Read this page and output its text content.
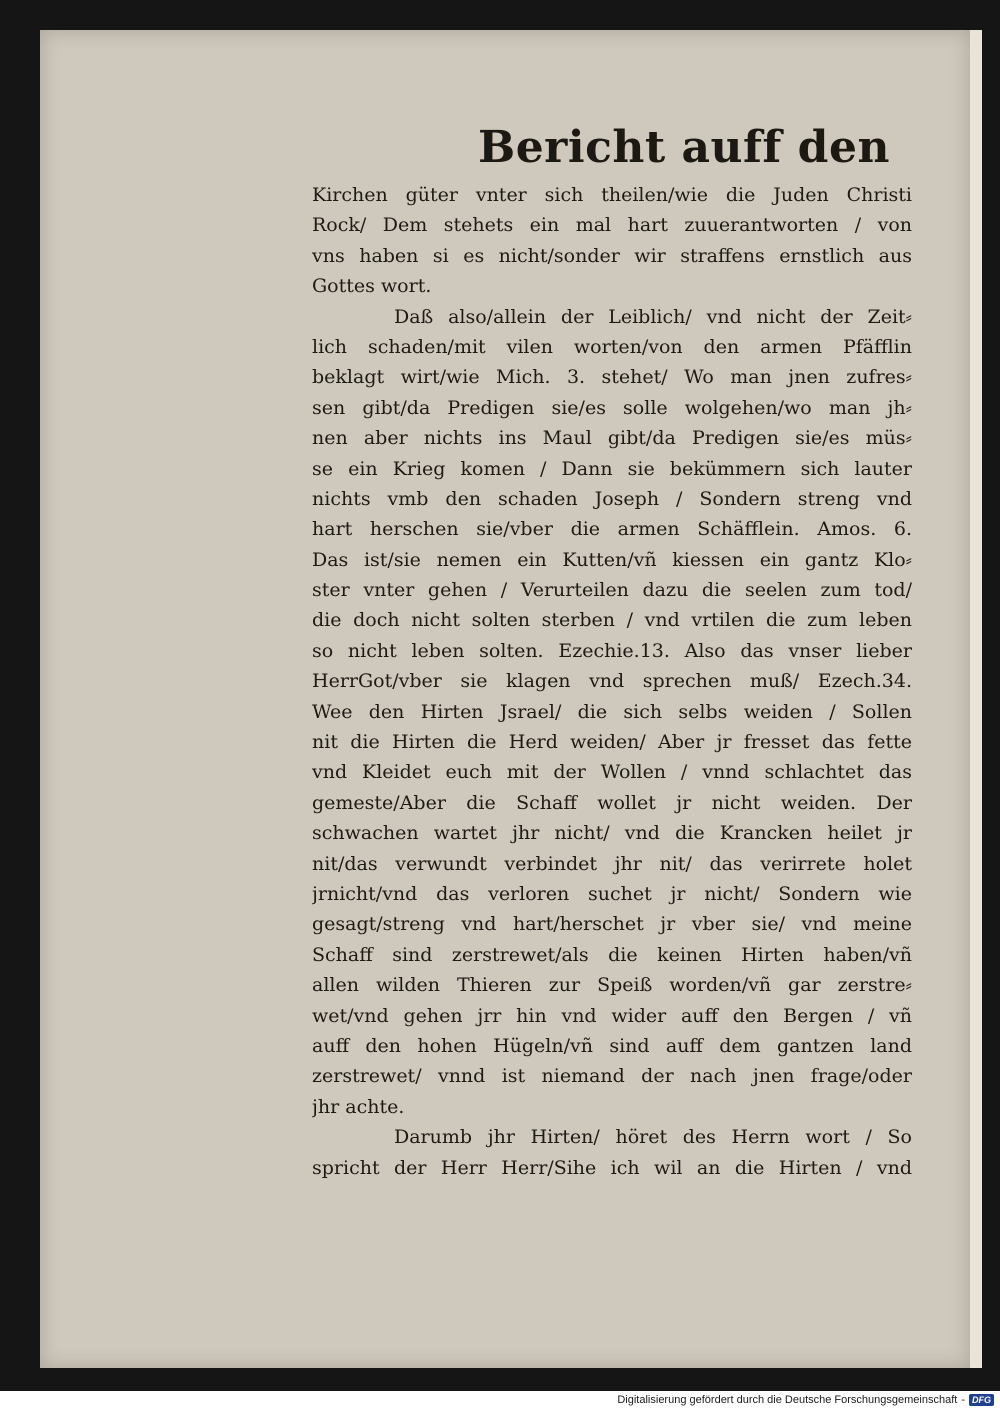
Bericht auff den
Kirchen güter vnter sich theilen/wie die Juden Christi
Rock/ Dem stehets ein mal hart zuuerantworten / von
vns haben si es nicht/sonder wir straffens ernstlich aus
Gottes wort.
Daß also/allein der Leiblich/ vnd nicht der Zeit⸗
lich schaden/mit vilen worten/von den armen Pfäfflin
beklagt wirt/wie Mich. 3. stehet/ Wo man jnen zufres⸗
sen gibt/da Predigen sie/es solle wolgehen/wo man jh⸗
nen aber nichts ins Maul gibt/da Predigen sie/es müs⸗
se ein Krieg komen / Dann sie bekümmern sich lauter
nichts vmb den schaden Joseph / Sondern streng vnd
hart herschen sie/vber die armen Schäfflein. Amos. 6.
Das ist/sie nemen ein Kutten/vñ kiessen ein gantz Klo⸗
ster vnter gehen / Verurteilen dazu die seelen zum tod/
die doch nicht solten sterben / vnd vrtilen die zum leben
so nicht leben solten. Ezechie.13. Also das vnser lieber
HerrGot/vber sie klagen vnd sprechen muß/ Ezech.34.
Wee den Hirten Jsrael/ die sich selbs weiden / Sollen
nit die Hirten die Herd weiden/ Aber jr fresset das fette
vnd Kleidet euch mit der Wollen / vnnd schlachtet das
gemeste/Aber die Schaff wollet jr nicht weiden. Der
schwachen wartet jhr nicht/ vnd die Krancken heilet jr
nit/das verwundt verbindet jhr nit/ das verirrete holet
jrnicht/vnd das verloren suchet jr nicht/ Sondern wie
gesagt/streng vnd hart/herschet jr vber sie/ vnd meine
Schaff sind zerstrewet/als die keinen Hirten haben/vñ
allen wilden Thieren zur Speiß worden/vñ gar zerstre⸗
wet/vnd gehen jrr hin vnd wider auff den Bergen / vñ
auff den hohen Hügeln/vñ sind auff dem gantzen land
zerstrewet/ vnnd ist niemand der nach jnen frage/oder
jhr achte.
Darumb jhr Hirten/ höret des Herrn wort / So
spricht der Herr Herr/Sihe ich wil an die Hirten / vnd
Digitalisierung gefördert durch die Deutsche Forschungsgemeinschaft - DFG
